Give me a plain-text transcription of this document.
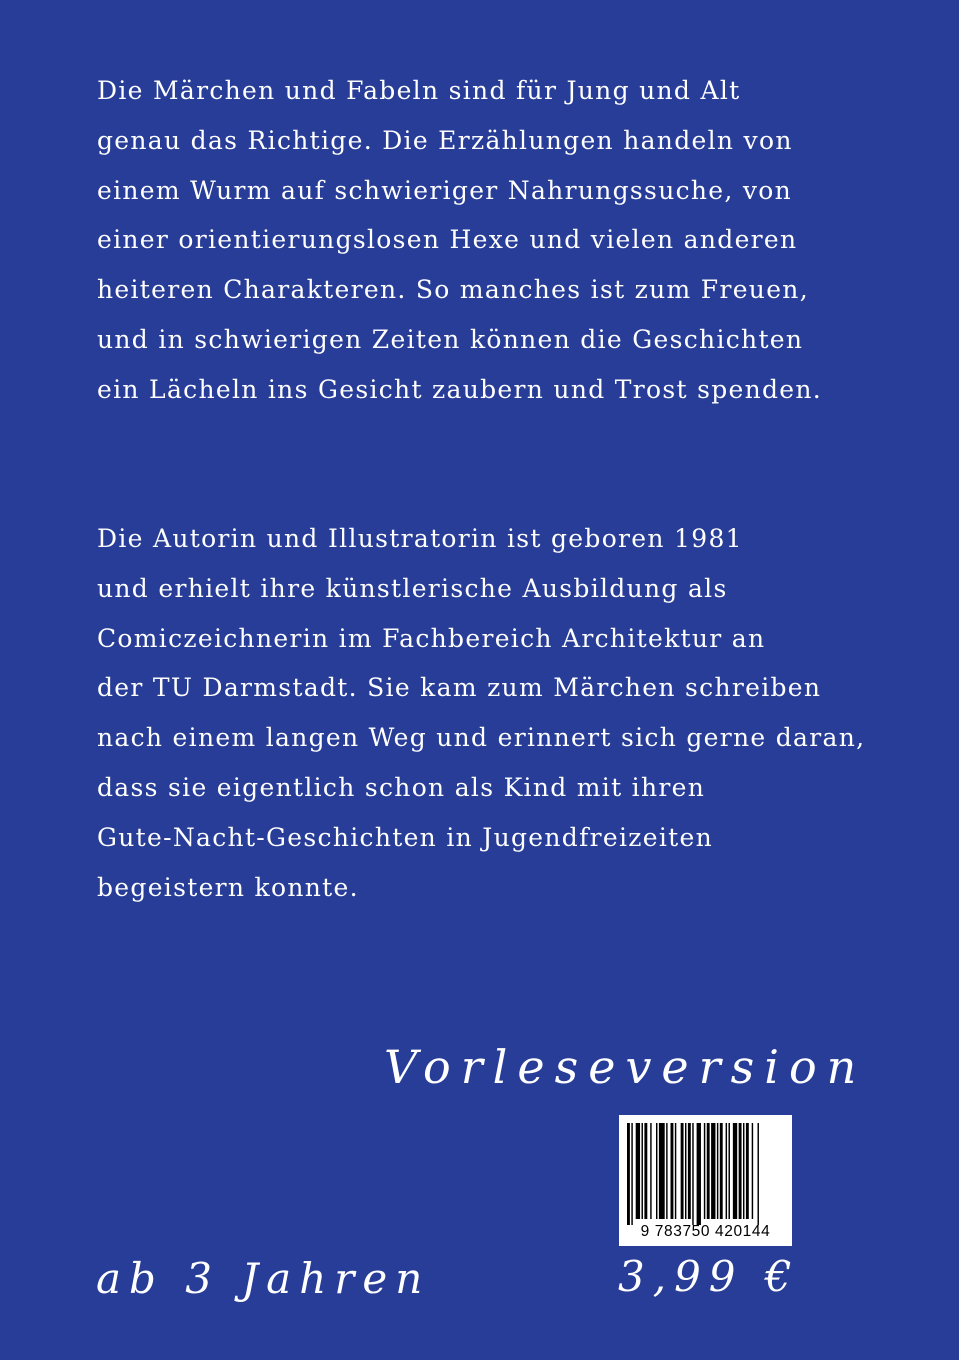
Die Märchen und Fabeln sind für Jung und Alt
genau das Richtige. Die Erzählungen handeln von
einem Wurm auf schwieriger Nahrungssuche, von
einer orientierungslosen Hexe und vielen anderen
heiteren Charakteren. So manches ist zum Freuen,
und in schwierigen Zeiten können die Geschichten
ein Lächeln ins Gesicht zaubern und Trost spenden.
Die Autorin und Illustratorin ist geboren 1981
und erhielt ihre künstlerische Ausbildung als
Comiczeichnerin im Fachbereich Architektur an
der TU Darmstadt. Sie kam zum Märchen schreiben
nach einem langen Weg und erinnert sich gerne daran,
dass sie eigentlich schon als Kind mit ihren
Gute-Nacht-Geschichten in Jugendfreizeiten
begeistern konnte.
Vorleseversion
9 783750 420144
ab 3 Jahren	3,99 €
